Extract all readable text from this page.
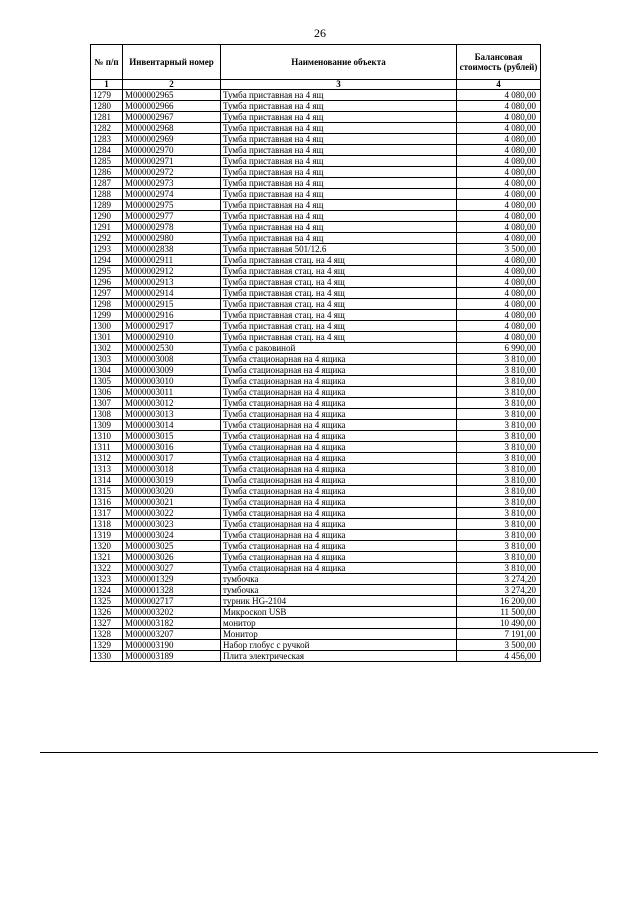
26
№ п/п	Инвентарный номер	Наименование объекта	Балансовая стоимость (рублей)
1	2	3	4
1279	М000002965	Тумба приставная на 4 ящ	4 080,00
1280	М000002966	Тумба приставная на 4 ящ	4 080,00
1281	М000002967	Тумба приставная на 4 ящ	4 080,00
1282	М000002968	Тумба приставная на 4 ящ	4 080,00
1283	М000002969	Тумба приставная на 4 ящ	4 080,00
1284	М000002970	Тумба приставная на 4 ящ	4 080,00
1285	М000002971	Тумба приставная на 4 ящ	4 080,00
1286	М000002972	Тумба приставная на 4 ящ	4 080,00
1287	М000002973	Тумба приставная на 4 ящ	4 080,00
1288	М000002974	Тумба приставная на 4 ящ	4 080,00
1289	М000002975	Тумба приставная на 4 ящ	4 080,00
1290	М000002977	Тумба приставная на 4 ящ	4 080,00
1291	М000002978	Тумба приставная на 4 ящ	4 080,00
1292	М000002980	Тумба приставная на 4 ящ	4 080,00
1293	М000002838	Тумба приставная 501/12.6	3 500,00
1294	М000002911	Тумба приставная стац. на 4 ящ	4 080,00
1295	М000002912	Тумба приставная стац. на 4 ящ	4 080,00
1296	М000002913	Тумба приставная стац. на 4 ящ	4 080,00
1297	М000002914	Тумба приставная стац. на 4 ящ	4 080,00
1298	М000002915	Тумба приставная стац. на 4 ящ	4 080,00
1299	М000002916	Тумба приставная стац. на 4 ящ	4 080,00
1300	М000002917	Тумба приставная стац. на 4 ящ	4 080,00
1301	М000002910	Тумба приставная стац. на 4 ящ	4 080,00
1302	М000002530	Тумба с раковиной	6 990,00
1303	М000003008	Тумба стационарная на 4 ящика	3 810,00
1304	М000003009	Тумба стационарная на 4 ящика	3 810,00
1305	М000003010	Тумба стационарная на 4 ящика	3 810,00
1306	М000003011	Тумба стационарная на 4 ящика	3 810,00
1307	М000003012	Тумба стационарная на 4 ящика	3 810,00
1308	М000003013	Тумба стационарная на 4 ящика	3 810,00
1309	М000003014	Тумба стационарная на 4 ящика	3 810,00
1310	М000003015	Тумба стационарная на 4 ящика	3 810,00
1311	М000003016	Тумба стационарная на 4 ящика	3 810,00
1312	М000003017	Тумба стационарная на 4 ящика	3 810,00
1313	М000003018	Тумба стационарная на 4 ящика	3 810,00
1314	М000003019	Тумба стационарная на 4 ящика	3 810,00
1315	М000003020	Тумба стационарная на 4 ящика	3 810,00
1316	М000003021	Тумба стационарная на 4 ящика	3 810,00
1317	М000003022	Тумба стационарная на 4 ящика	3 810,00
1318	М000003023	Тумба стационарная на 4 ящика	3 810,00
1319	М000003024	Тумба стационарная на 4 ящика	3 810,00
1320	М000003025	Тумба стационарная на 4 ящика	3 810,00
1321	М000003026	Тумба стационарная на 4 ящика	3 810,00
1322	М000003027	Тумба стационарная на 4 ящика	3 810,00
1323	М000001329	тумбочка	3 274,20
1324	М000001328	тумбочка	3 274,20
1325	М000002717	турник HG-2104	16 200,00
1326	М000003202	Микроскоп USB	11 500,00
1327	М000003182	монитор	10 490,00
1328	М000003207	Монитор	7 191,00
1329	М000003190	Набор глобус с ручкой	3 500,00
1330	М000003189	Плита электрическая	4 456,00
